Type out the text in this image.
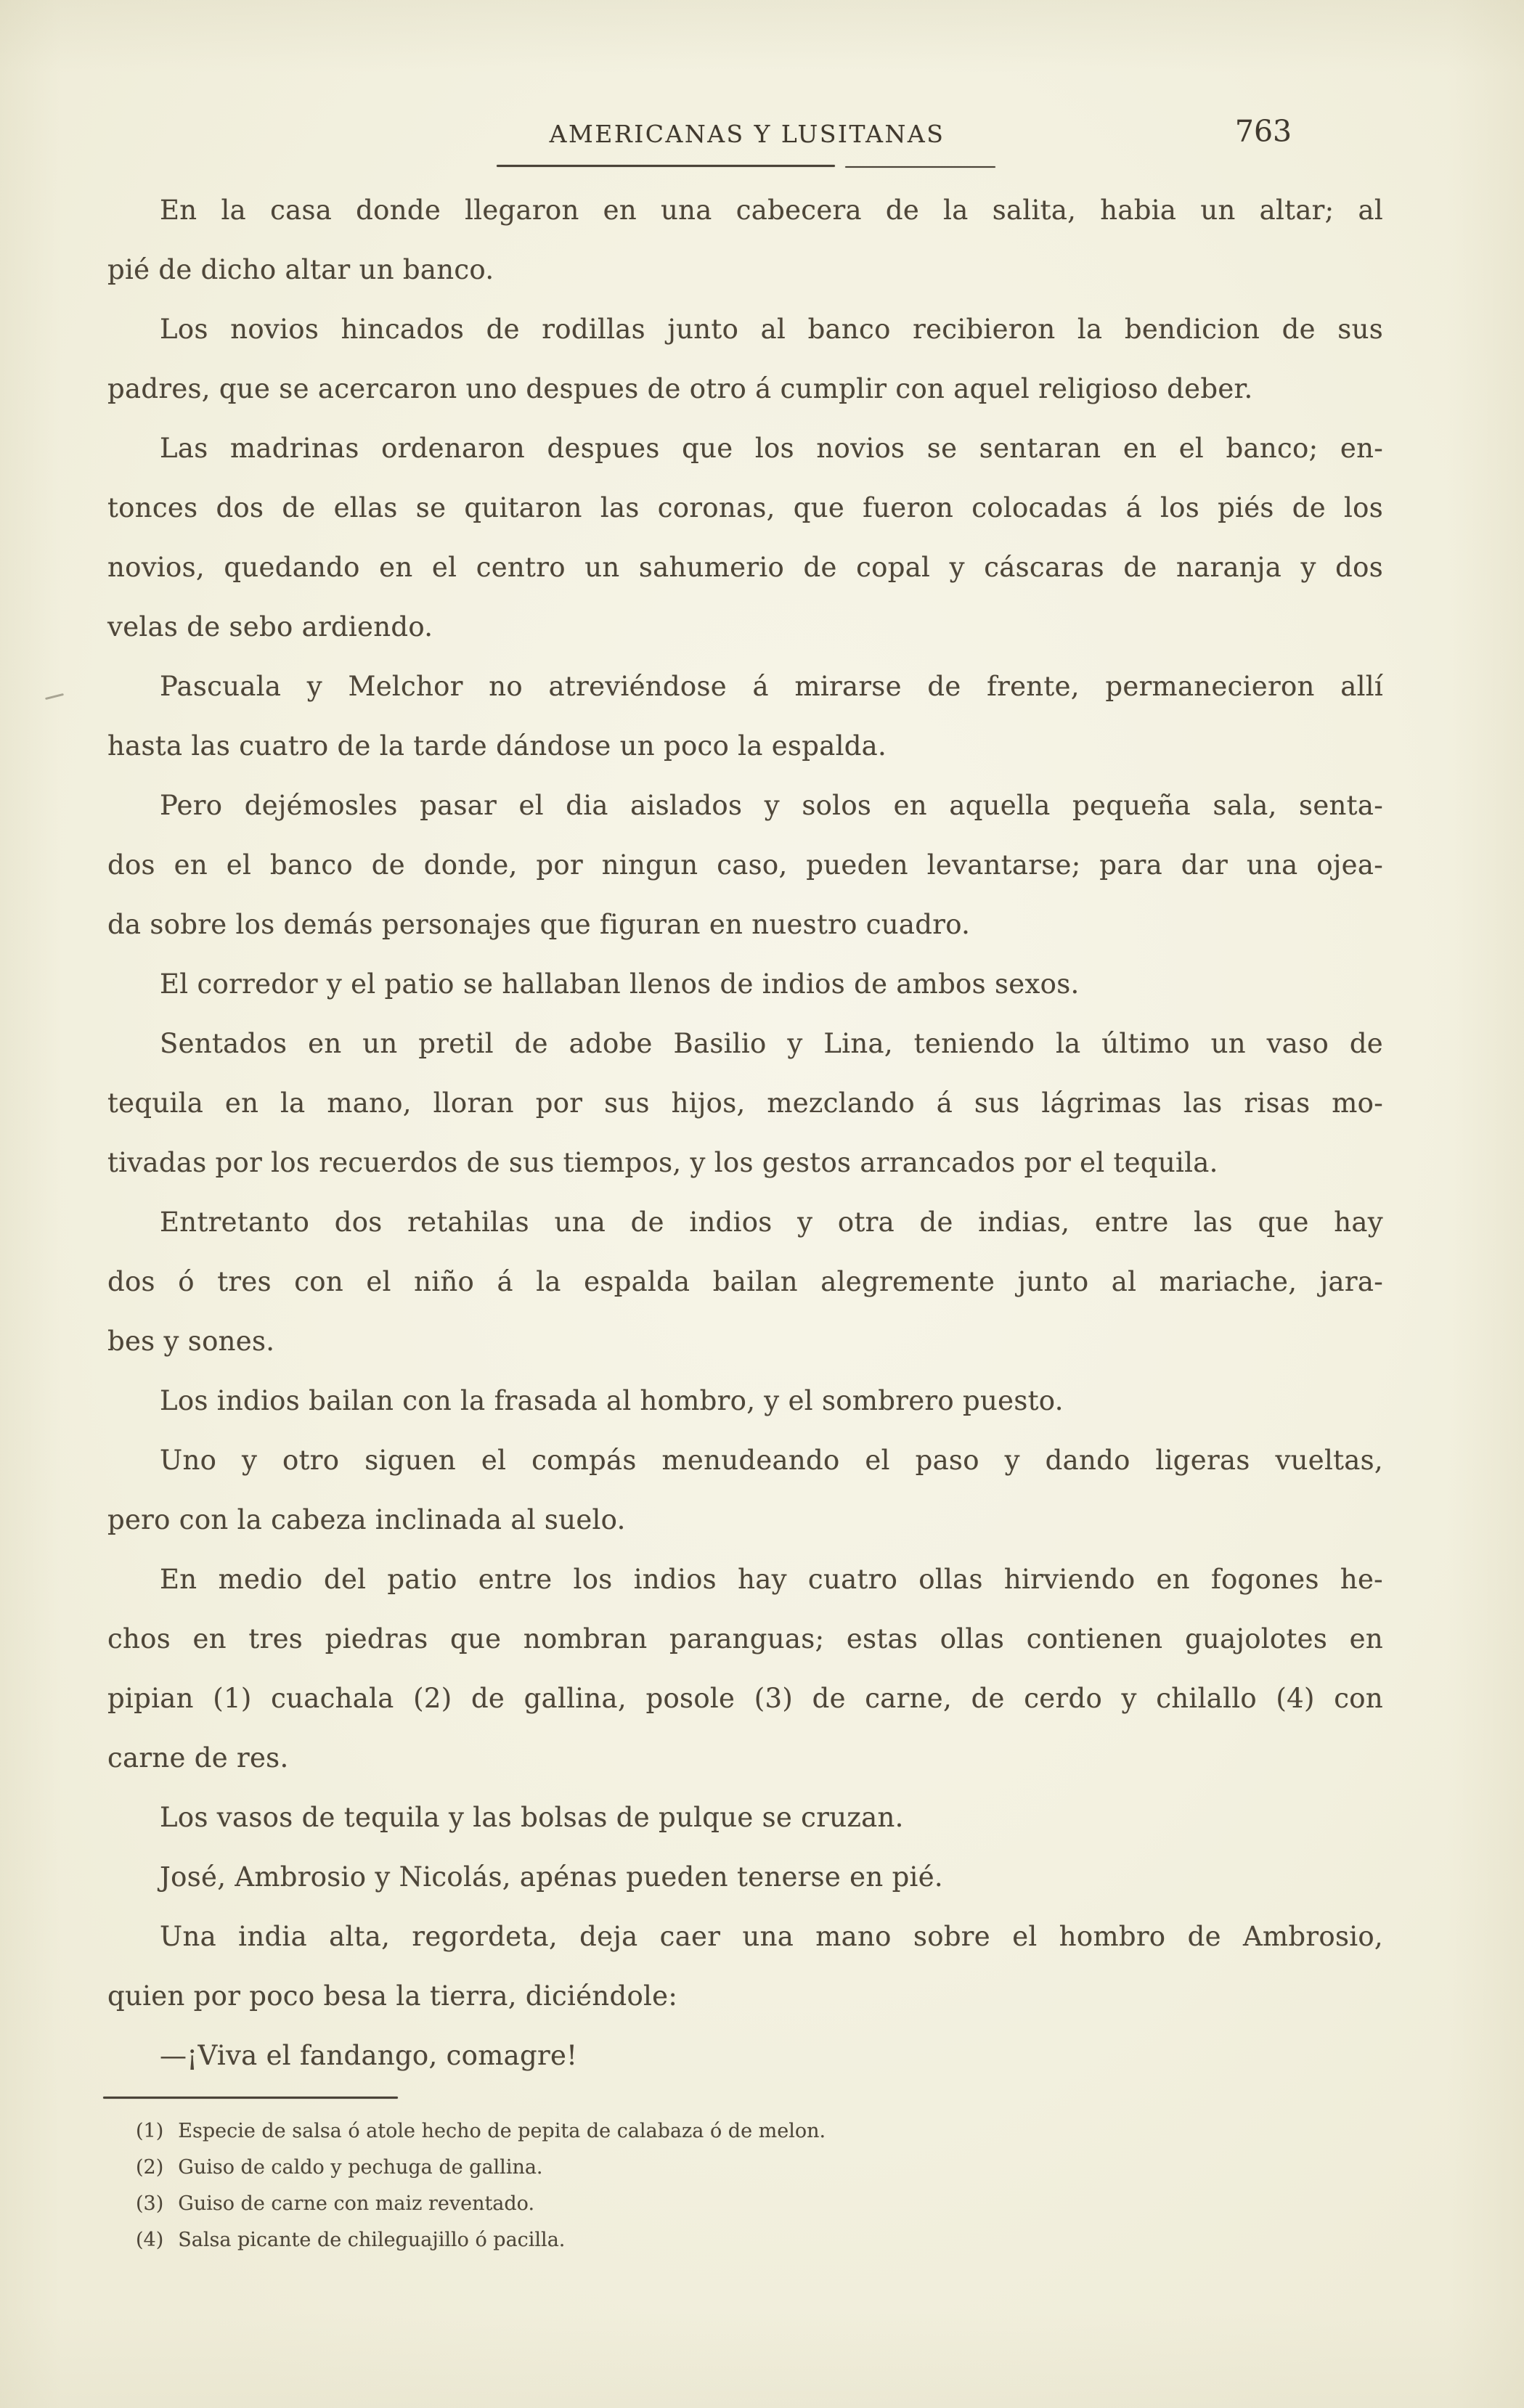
AMERICANAS Y LUSITANAS	763
En la casa donde llegaron en una cabecera de la salita, habia un altar; al
pié de dicho altar un banco.
Los novios hincados de rodillas junto al banco recibieron la bendicion de sus
padres, que se acercaron uno despues de otro á cumplir con aquel religioso deber.
Las madrinas ordenaron despues que los novios se sentaran en el banco; en-
tonces dos de ellas se quitaron las coronas, que fueron colocadas á los piés de los
novios, quedando en el centro un sahumerio de copal y cáscaras de naranja y dos
velas de sebo ardiendo.
Pascuala y Melchor no atreviéndose á mirarse de frente, permanecieron allí
hasta las cuatro de la tarde dándose un poco la espalda.
Pero dejémosles pasar el dia aislados y solos en aquella pequeña sala, senta-
dos en el banco de donde, por ningun caso, pueden levantarse; para dar una ojea-
da sobre los demás personajes que figuran en nuestro cuadro.
El corredor y el patio se hallaban llenos de indios de ambos sexos.
Sentados en un pretil de adobe Basilio y Lina, teniendo la último un vaso de
tequila en la mano, lloran por sus hijos, mezclando á sus lágrimas las risas mo-
tivadas por los recuerdos de sus tiempos, y los gestos arrancados por el tequila.
Entretanto dos retahilas una de indios y otra de indias, entre las que hay
dos ó tres con el niño á la espalda bailan alegremente junto al mariache, jara-
bes y sones.
Los indios bailan con la frasada al hombro, y el sombrero puesto.
Uno y otro siguen el compás menudeando el paso y dando ligeras vueltas,
pero con la cabeza inclinada al suelo.
En medio del patio entre los indios hay cuatro ollas hirviendo en fogones he-
chos en tres piedras que nombran paranguas; estas ollas contienen guajolotes en
pipian (1) cuachala (2) de gallina, posole (3) de carne, de cerdo y chilallo (4) con
carne de res.
Los vasos de tequila y las bolsas de pulque se cruzan.
José, Ambrosio y Nicolás, apénas pueden tenerse en pié.
Una india alta, regordeta, deja caer una mano sobre el hombro de Ambrosio,
quien por poco besa la tierra, diciéndole:
—¡Viva el fandango, comagre!
(1) Especie de salsa ó atole hecho de pepita de calabaza ó de melon.
(2) Guiso de caldo y pechuga de gallina.
(3) Guiso de carne con maiz reventado.
(4) Salsa picante de chileguajillo ó pacilla.
